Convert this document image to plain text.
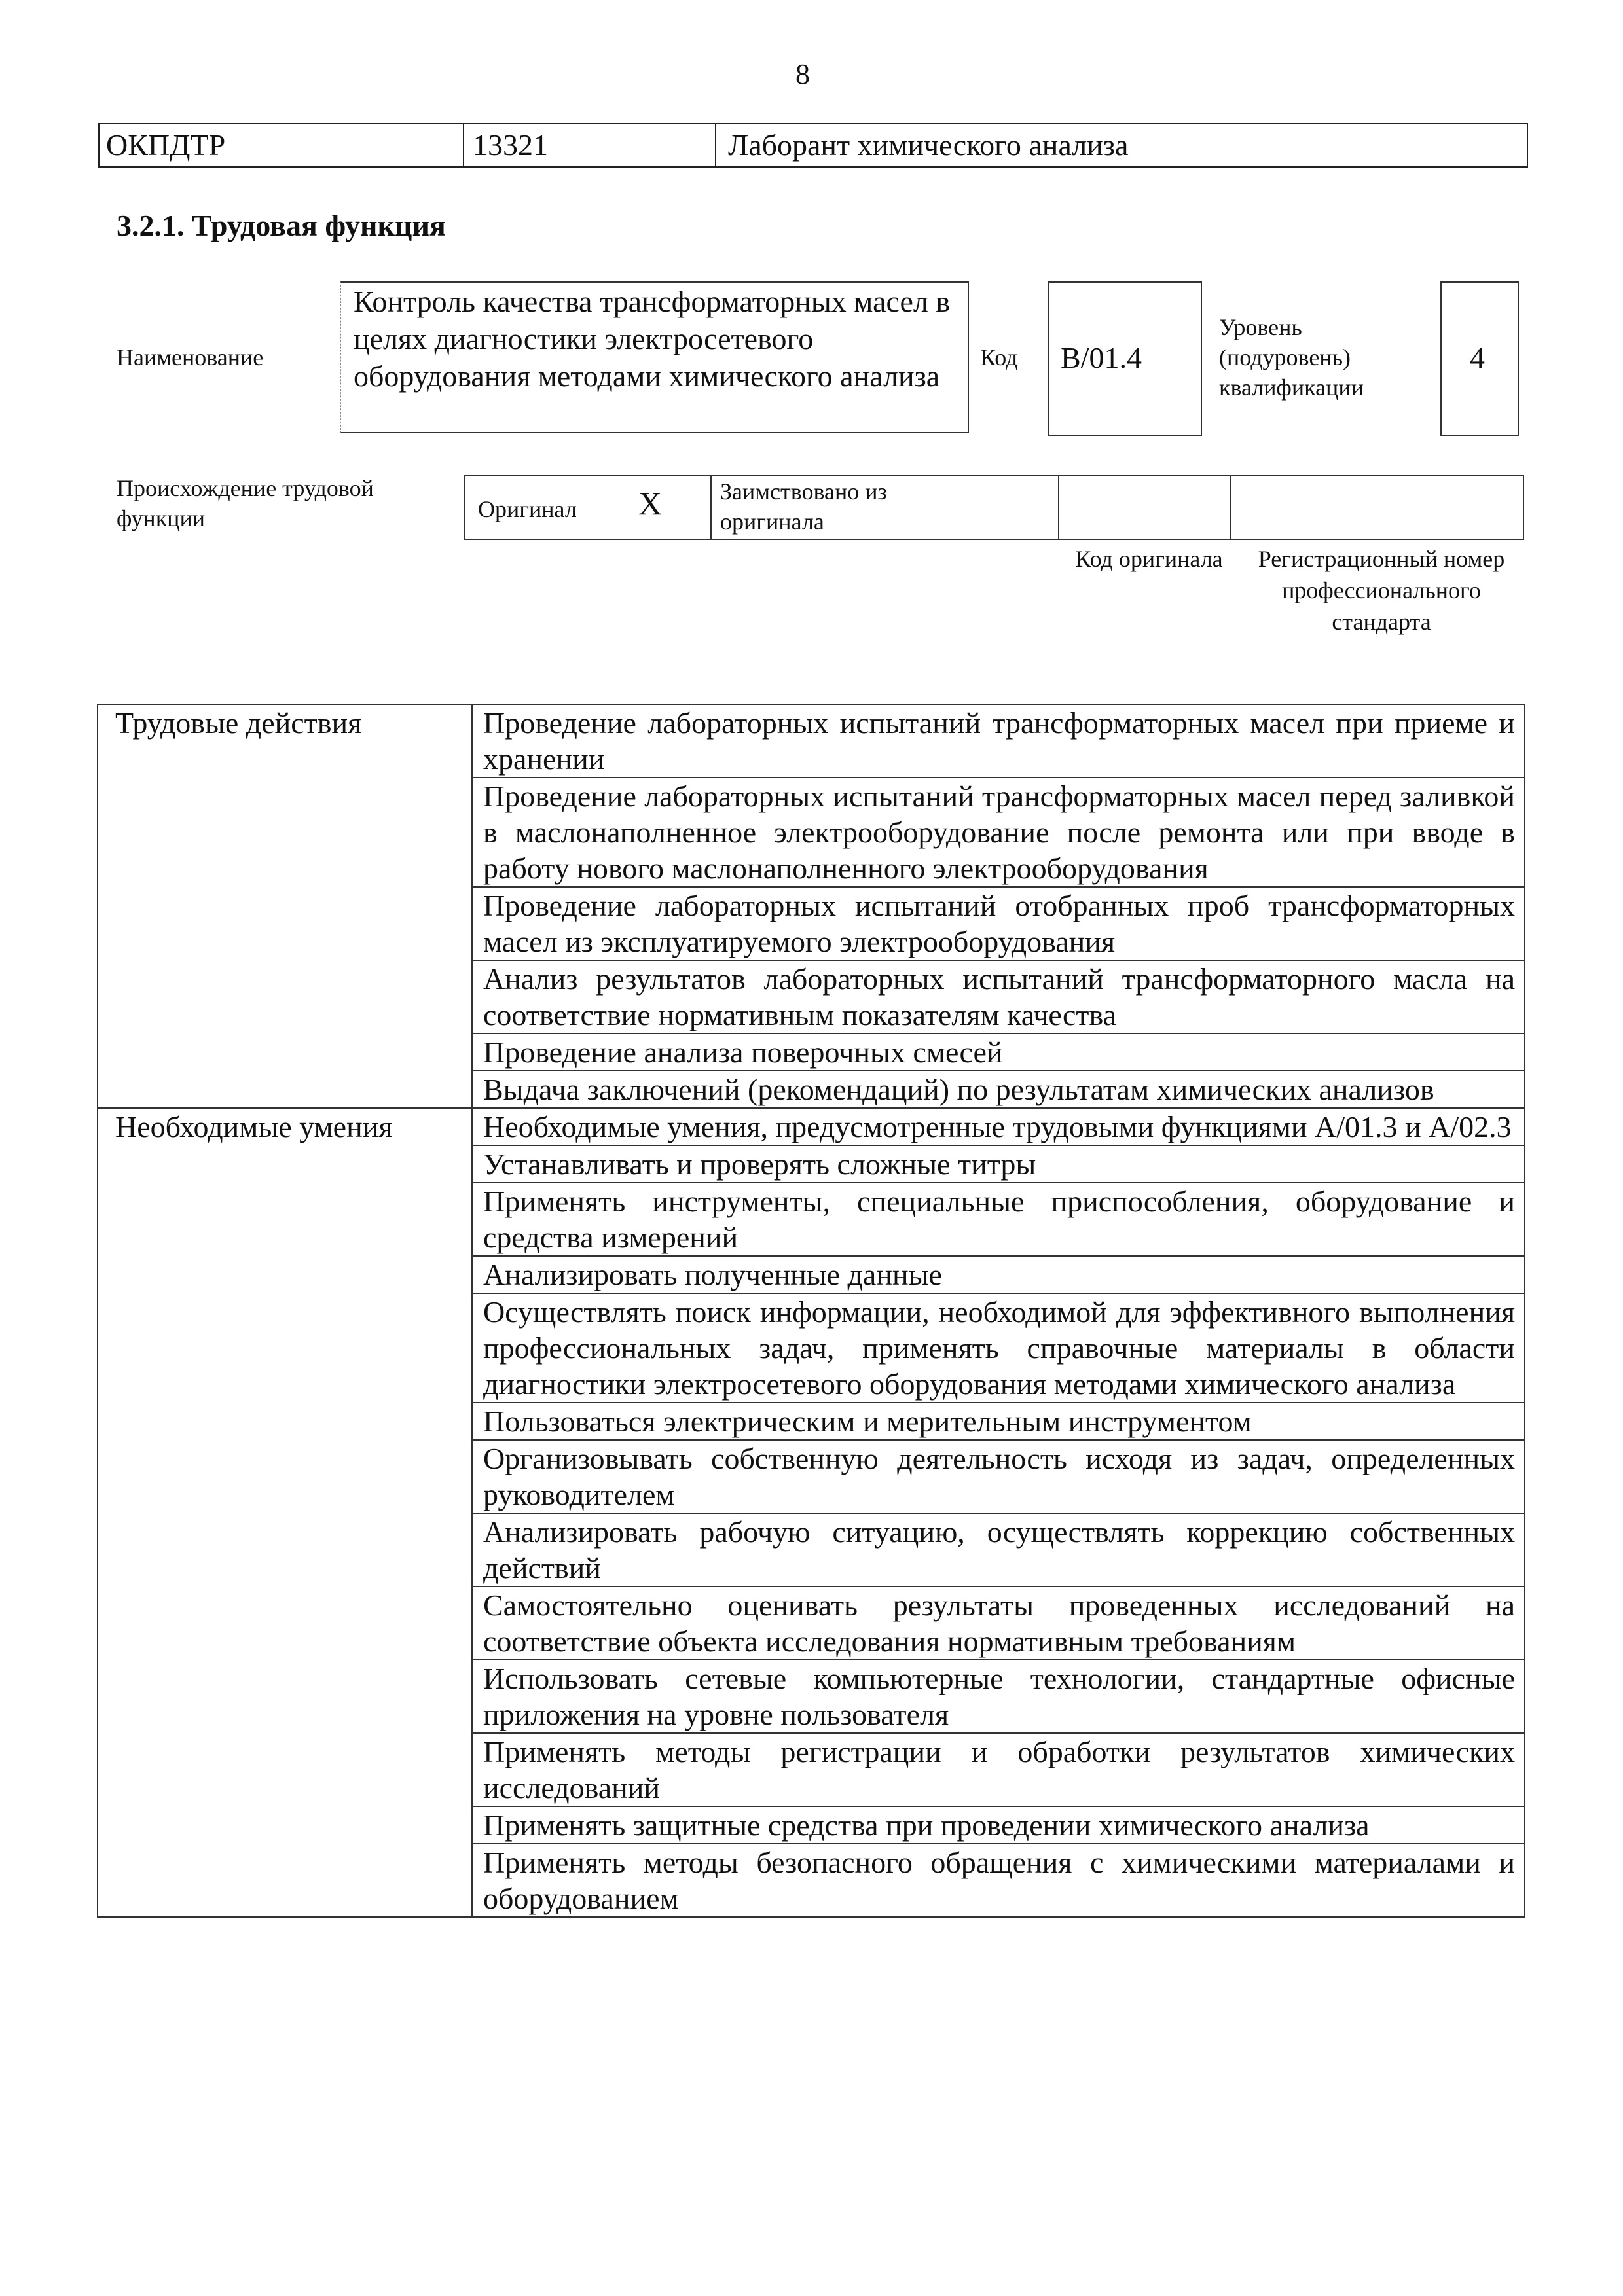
8
ОКПДТР	13321	Лаборант химического анализа
3.2.1. Трудовая функция
Наименование
Контроль качества трансформаторных масел в целях диагностики электросетевого оборудования методами химического анализа
Код B/01.4
Уровень (подуровень) квалификации
4
Происхождение трудовой функции	Оригинал X Заимствовано из оригинала
Код оригинала	Регистрационный номер профессионального стандарта
Трудовые действия	Проведение лабораторных испытаний трансформаторных масел при приеме и хранении
	Проведение лабораторных испытаний трансформаторных масел перед заливкой в маслонаполненное электрооборудование после ремонта или при вводе в работу нового маслонаполненного электрооборудования
	Проведение лабораторных испытаний отобранных проб трансформаторных масел из эксплуатируемого электрооборудования
	Анализ результатов лабораторных испытаний трансформаторного масла на соответствие нормативным показателям качества
	Проведение анализа поверочных смесей
	Выдача заключений (рекомендаций) по результатам химических анализов
Необходимые умения	Необходимые умения, предусмотренные трудовыми функциями А/01.3 и А/02.3
	Устанавливать и проверять сложные титры
	Применять инструменты, специальные приспособления, оборудование и средства измерений
	Анализировать полученные данные
	Осуществлять поиск информации, необходимой для эффективного выполнения профессиональных задач, применять справочные материалы в области диагностики электросетевого оборудования методами химического анализа
	Пользоваться электрическим и мерительным инструментом
	Организовывать собственную деятельность исходя из задач, определенных руководителем
	Анализировать рабочую ситуацию, осуществлять коррекцию собственных действий
	Самостоятельно оценивать результаты проведенных исследований на соответствие объекта исследования нормативным требованиям
	Использовать сетевые компьютерные технологии, стандартные офисные приложения на уровне пользователя
	Применять методы регистрации и обработки результатов химических исследований
	Применять защитные средства при проведении химического анализа
	Применять методы безопасного обращения с химическими материалами и оборудованием
